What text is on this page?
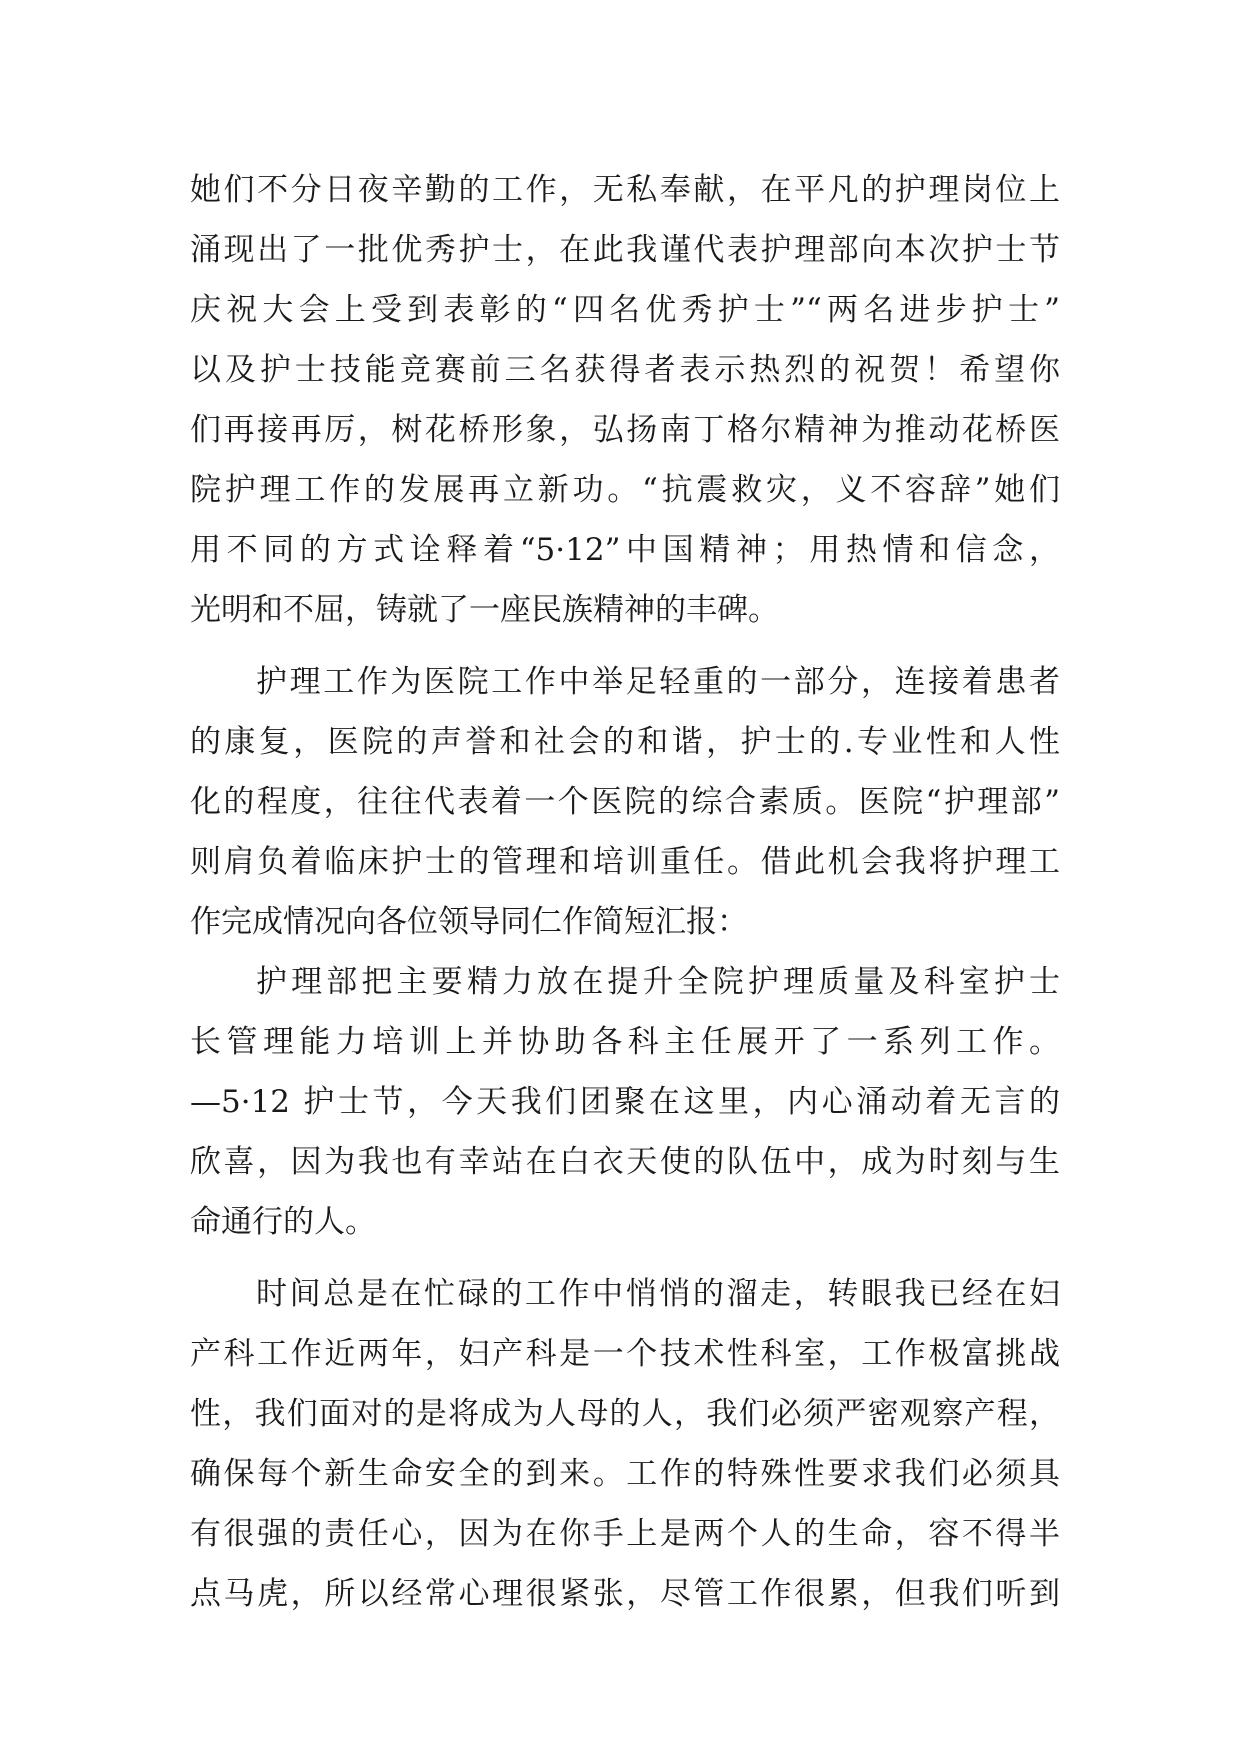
她们不分日夜辛勤的工作，无私奉献，在平凡的护理岗位上
涌现出了一批优秀护士，在此我谨代表护理部向本次护士节
庆祝大会上受到表彰的“四名优秀护士”“两名进步护士”
以及护士技能竞赛前三名获得者表示热烈的祝贺！希望你
们再接再厉，树花桥形象，弘扬南丁格尔精神为推动花桥医
院护理工作的发展再立新功。“抗震救灾，义不容辞”她们
用不同的方式诠释着“5·12”中国精神；用热情和信念，
光明和不屈，铸就了一座民族精神的丰碑。
护理工作为医院工作中举足轻重的一部分，连接着患者
的康复，医院的声誉和社会的和谐，护士的.专业性和人性
化的程度，往往代表着一个医院的综合素质。医院“护理部”
则肩负着临床护士的管理和培训重任。借此机会我将护理工
作完成情况向各位领导同仁作简短汇报：
护理部把主要精力放在提升全院护理质量及科室护士
长管理能力培训上并协助各科主任展开了一系列工作。
—5·12 护士节，今天我们团聚在这里，内心涌动着无言的
欣喜，因为我也有幸站在白衣天使的队伍中，成为时刻与生
命通行的人。
时间总是在忙碌的工作中悄悄的溜走，转眼我已经在妇
产科工作近两年，妇产科是一个技术性科室，工作极富挑战
性，我们面对的是将成为人母的人，我们必须严密观察产程，
确保每个新生命安全的到来。工作的特殊性要求我们必须具
有很强的责任心，因为在你手上是两个人的生命，容不得半
点马虎，所以经常心理很紧张，尽管工作很累，但我们听到
